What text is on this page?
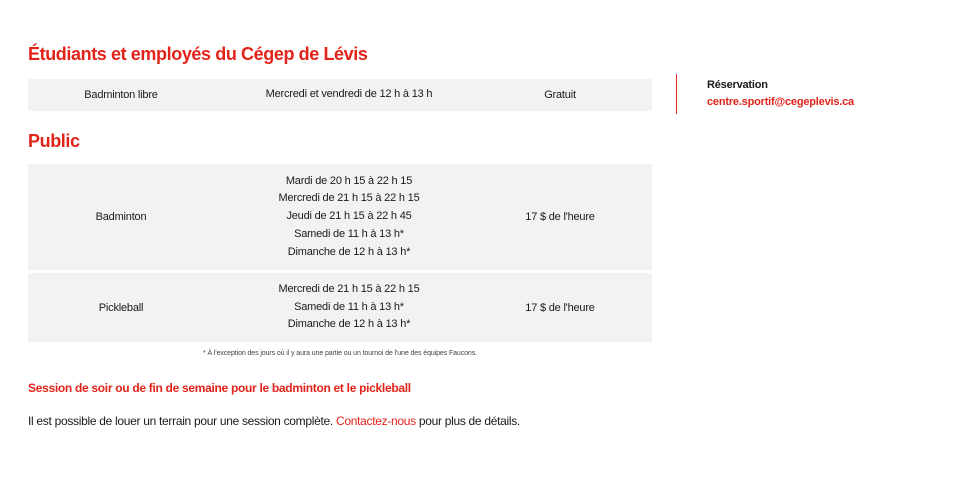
Étudiants et employés du Cégep de Lévis
Badminton libre	Mercredi et vendredi de 12 h à 13 h	Gratuit
Public
Badminton
Mardi de 20 h 15 à 22 h 15
Mercredi de 21 h 15 à 22 h 15
Jeudi de 21 h 15 à 22 h 45
Samedi de 11 h à 13 h*
Dimanche de 12 h à 13 h*
17 $ de l'heure
Pickleball
Mercredi de 21 h 15 à 22 h 15
Samedi de 11 h à 13 h*
Dimanche de 12 h à 13 h*
17 $ de l'heure
* À l'exception des jours où il y aura une partie ou un tournoi de l'une des équipes Faucons.
Session de soir ou de fin de semaine pour le badminton et le pickleball
Il est possible de louer un terrain pour une session complète. Contactez-nous pour plus de détails.
Réservation
centre.sportif@cegeplevis.ca
